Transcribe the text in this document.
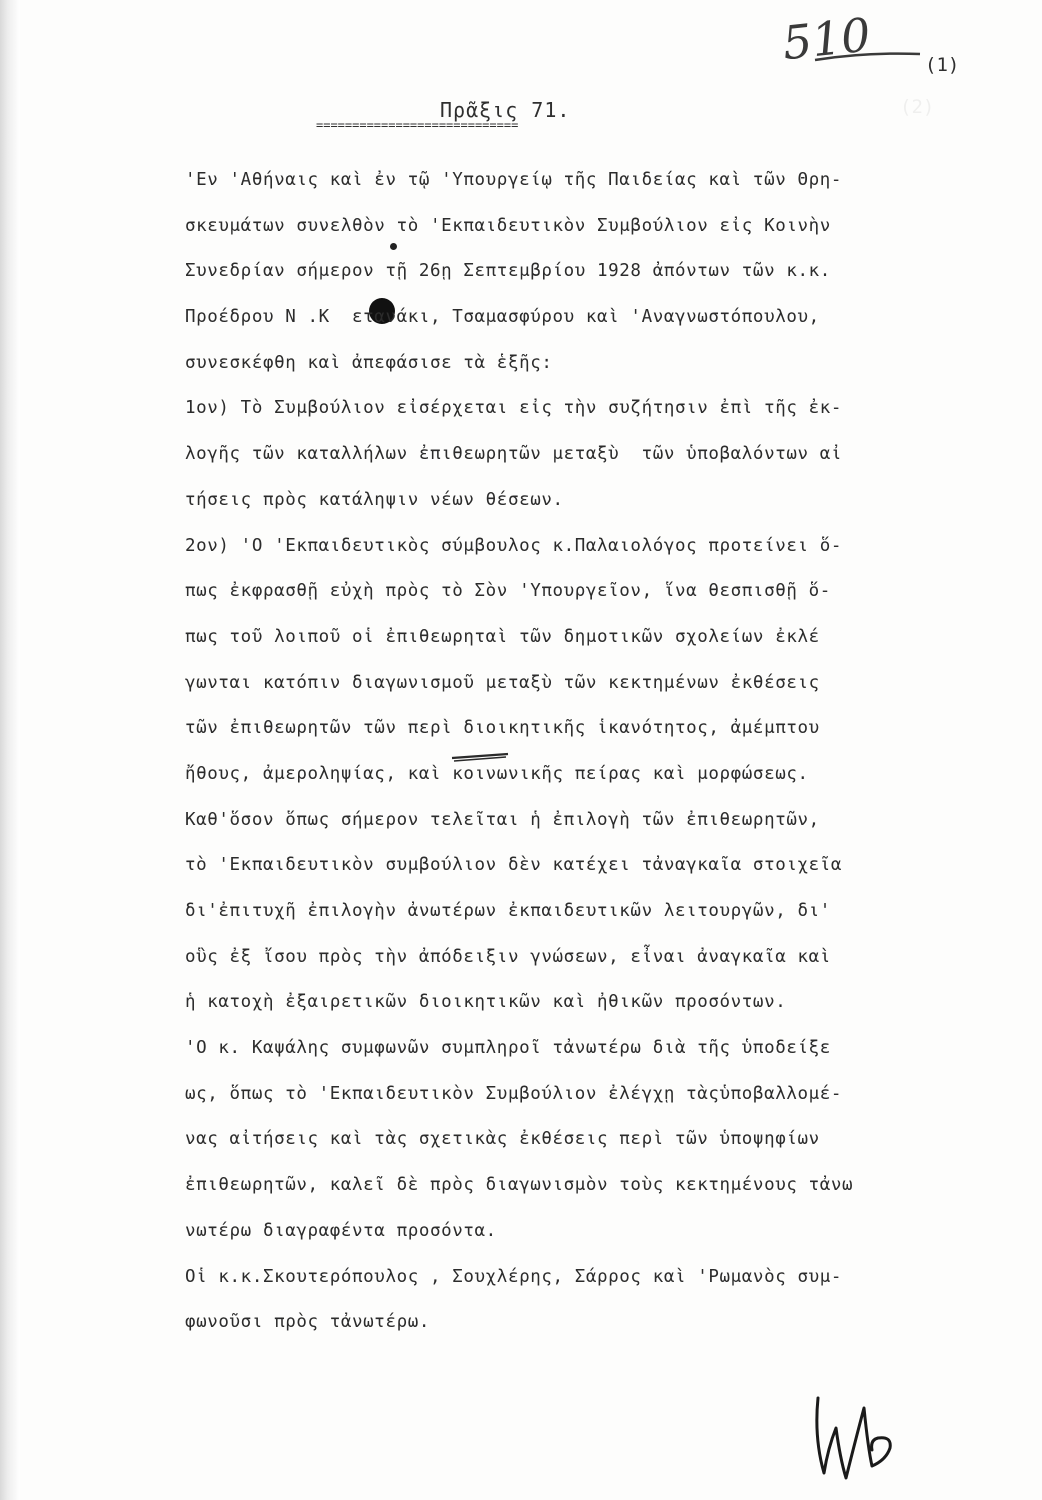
(2)
510	(1)
Πρᾶξις 71.
============================
'Εν 'Αθήναις καὶ ἐν τῷ 'Υπουργείῳ τῆς Παιδείας καὶ τῶν Θρη-
σκευμάτων συνελθὸν τὸ 'Εκπαιδευτικὸν Συμβούλιον εἰς Κοινὴν
Συνεδρίαν σήμερον τῇ 26ῃ Σεπτεμβρίου 1928 ἀπόντων τῶν κ.κ.
Προέδρου Ν .Κ  ετανάκι, Τσαμασφύρου καὶ 'Αναγνωστόπουλου,
συνεσκέφθη καὶ ἀπεφάσισε τὰ ἑξῆς:
1ον) Τὸ Συμβούλιον εἰσέρχεται εἰς τὴν συζήτησιν ἐπὶ τῆς ἐκ-
λογῆς τῶν καταλλήλων ἐπιθεωρητῶν μεταξὺ  τῶν ὑποβαλόντων αἰ
τήσεις πρὸς κατάληψιν νέων θέσεων.
2ον) 'Ο 'Εκπαιδευτικὸς σύμβουλος κ.Παλαιολόγος προτείνει ὅ-
πως ἐκφρασθῇ εὐχὴ πρὸς τὸ Σὸν 'Υπουργεῖον, ἵνα θεσπισθῇ ὅ-
πως τοῦ λοιποῦ οἱ ἐπιθεωρηταὶ τῶν δημοτικῶν σχολείων ἐκλέ
γωνται κατόπιν διαγωνισμοῦ μεταξὺ τῶν κεκτημένων ἐκθέσεις
τῶν ἐπιθεωρητῶν τῶν περὶ διοικητικῆς ἱκανότητος, ἀμέμπτου
ἤθους, ἀμεροληψίας, καὶ κοινωνικῆς πείρας καὶ μορφώσεως.
Καθ'ὅσον ὅπως σήμερον τελεῖται ἡ ἐπιλογὴ τῶν ἐπιθεωρητῶν,
τὸ 'Εκπαιδευτικὸν συμβούλιον δὲν κατέχει τἀναγκαῖα στοιχεῖα
δι'ἐπιτυχῆ ἐπιλογὴν ἀνωτέρων ἐκπαιδευτικῶν λειτουργῶν, δι'
οὓς ἐξ ἴσου πρὸς τὴν ἀπόδειξιν γνώσεων, εἶναι ἀναγκαῖα καὶ
ἡ κατοχὴ ἐξαιρετικῶν διοικητικῶν καὶ ἠθικῶν προσόντων.
'Ο κ. Καψάλης συμφωνῶν συμπληροῖ τἀνωτέρω διὰ τῆς ὑποδείξε
ως, ὅπως τὸ 'Εκπαιδευτικὸν Συμβούλιον ἐλέγχῃ τὰςὑποβαλλομέ-
νας αἰτήσεις καὶ τὰς σχετικὰς ἐκθέσεις περὶ τῶν ὑποψηφίων
ἐπιθεωρητῶν, καλεῖ δὲ πρὸς διαγωνισμὸν τοὺς κεκτημένους τἀνω
νωτέρω διαγραφέντα προσόντα.
Οἱ κ.κ.Σκουτερόπουλος , Σουχλέρης, Σάρρος καὶ 'Ρωμανὸς συμ-
φωνοῦσι πρὸς τἀνωτέρω.
